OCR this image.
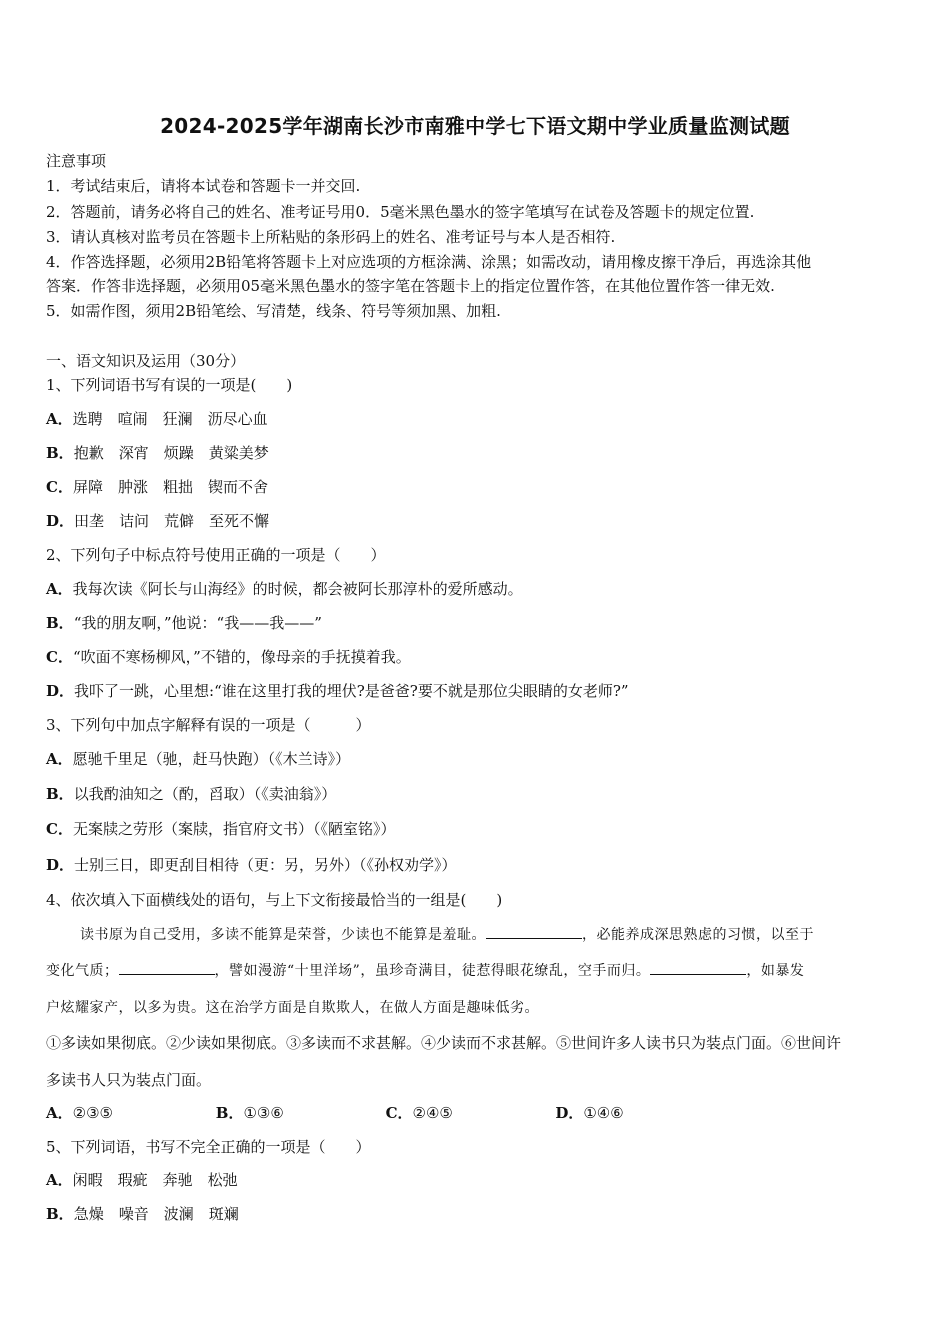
2024-2025学年湖南长沙市南雅中学七下语文期中学业质量监测试题
注意事项
1．考试结束后，请将本试卷和答题卡一并交回.
2．答题前，请务必将自己的姓名、准考证号用0．5毫米黑色墨水的签字笔填写在试卷及答题卡的规定位置.
3．请认真核对监考员在答题卡上所粘贴的条形码上的姓名、准考证号与本人是否相符.
4．作答选择题，必须用2B铅笔将答题卡上对应选项的方框涂满、涂黑；如需改动，请用橡皮擦干净后，再选涂其他
答案．作答非选择题，必须用05毫米黑色墨水的签字笔在答题卡上的指定位置作答，在其他位置作答一律无效.
5．如需作图，须用2B铅笔绘、写清楚，线条、符号等须加黑、加粗.
一、语文知识及运用（30分）
1、下列词语书写有误的一项是(　　)
A．选聘　喧闹　狂澜　沥尽心血
B．抱歉　深宵　烦躁　黄粱美梦
C．屏障　肿涨　粗拙　锲而不舍
D．田垄　诘问　荒僻　至死不懈
2、下列句子中标点符号使用正确的一项是（　　）
A．我每次读《阿长与山海经》的时候，都会被阿长那淳朴的爱所感动。
B．“我的朋友啊，”他说：“我——我——”
C．“吹面不寒杨柳风，”不错的，像母亲的手抚摸着我。
D．我吓了一跳，心里想:“谁在这里打我的埋伏?是爸爸?要不就是那位尖眼睛的女老师?”
3、下列句中加点字解释有误的一项是（　　　）
A．愿驰千里足（驰，赶马快跑）（《木兰诗》）
B．以我酌油知之（酌，舀取）（《卖油翁》）
C．无案牍之劳形（案牍，指官府文书）（《陋室铭》）
D．士别三日，即更刮目相待（更：另，另外）（《孙权劝学》）
4、依次填入下面横线处的语句，与上下文衔接最恰当的一组是(　　)
读书原为自己受用，多读不能算是荣誉，少读也不能算是羞耻。	，必能养成深思熟虑的习惯，以至于
变化气质；	，譬如漫游“十里洋场”，虽珍奇满目，徒惹得眼花缭乱，空手而归。	，如暴发
户炫耀家产，以多为贵。这在治学方面是自欺欺人，在做人方面是趣味低劣。
①多读如果彻底。②少读如果彻底。③多读而不求甚解。④少读而不求甚解。⑤世间许多人读书只为装点门面。⑥世间许
多读书人只为装点门面。
A．②③⑤	B．①③⑥	C．②④⑤	D．①④⑥
5、下列词语，书写不完全正确的一项是（　　）
A．闲暇　瑕疵　奔驰　松弛
B．急燥　噪音　波澜　斑斓
